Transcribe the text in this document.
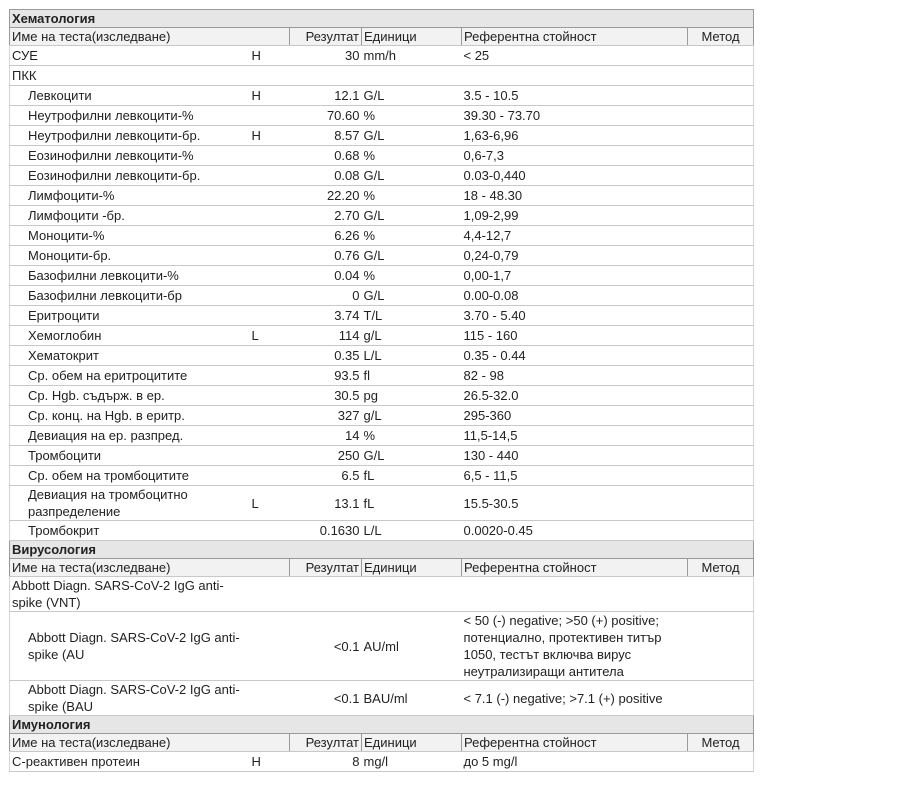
Хематология					
Име на теста(изследване)		Резултат	Единици	Референтна стойност	Метод
СУЕ	H	30	mm/h	< 25	
ПКК					
Левкоцити	H	12.1	G/L	3.5 - 10.5	
Неутрофилни левкоцити-%		70.60	%	39.30 - 73.70	
Неутрофилни левкоцити-бр.	H	8.57	G/L	1,63-6,96	
Еозинофилни левкоцити-%		0.68	%	0,6-7,3	
Еозинофилни левкоцити-бр.		0.08	G/L	0.03-0,440	
Лимфоцити-%		22.20	%	18 - 48.30	
Лимфоцити -бр.		2.70	G/L	1,09-2,99	
Моноцити-%		6.26	%	4,4-12,7	
Моноцити-бр.		0.76	G/L	0,24-0,79	
Базофилни левкоцити-%		0.04	%	0,00-1,7	
Базофилни левкоцити-бр		0	G/L	0.00-0.08	
Еритроцити		3.74	T/L	3.70 - 5.40	
Хемоглобин	L	114	g/L	115 - 160	
Хематокрит		0.35	L/L	0.35 - 0.44	
Ср. обем на еритроцитите		93.5	fl	82 - 98	
Ср. Hgb. съдърж. в ер.		30.5	pg	26.5-32.0	
Ср. конц. на Hgb. в еритр.		327	g/L	295-360	
Девиация на ер. разпред.		14	%	11,5-14,5	
Тромбоцити		250	G/L	130 - 440	
Ср. обем на тромбоцитите		6.5	fL	6,5 - 11,5	
Девиация на тромбоцитно разпределение	L	13.1	fL	15.5-30.5	
Тромбокрит		0.1630	L/L	0.0020-0.45	
Вирусология					
Име на теста(изследване)		Резултат	Единици	Референтна стойност	Метод
Abbott Diagn. SARS-CoV-2 IgG anti-spike (VNT)					
Abbott Diagn. SARS-CoV-2 IgG anti-spike (AU		<0.1	AU/ml	< 50 (-) negative; >50 (+) positive; потенциално, протективен титър 1050, тестът включва вирус неутрализиращи антитела	
Abbott Diagn. SARS-CoV-2 IgG anti-spike (BAU		<0.1	BAU/ml	< 7.1 (-) negative; >7.1 (+) positive	
Имунология					
Име на теста(изследване)		Резултат	Единици	Референтна стойност	Метод
С-реактивен протеин	H	8	mg/l	до 5 mg/l	
